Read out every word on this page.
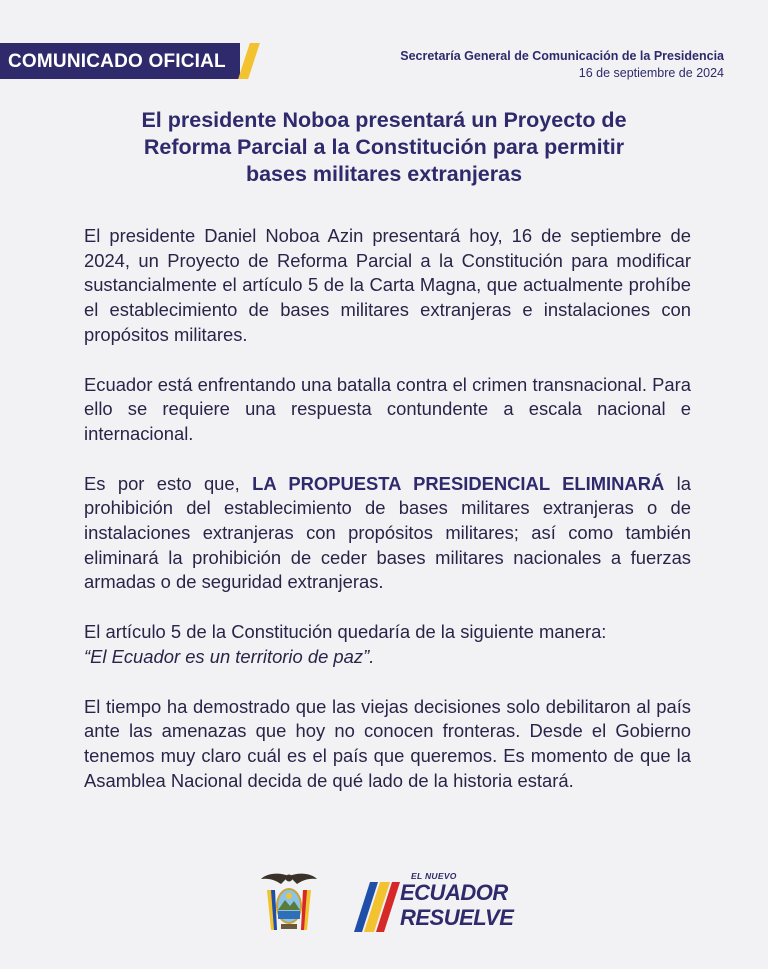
COMUNICADO OFICIAL	Secretaría General de Comunicación de la Presidencia
16 de septiembre de 2024
El presidente Noboa presentará un Proyecto de
Reforma Parcial a la Constitución para permitir
bases militares extranjeras

El presidente Daniel Noboa Azin presentará hoy, 16 de septiembre de 2024, un Proyecto de Reforma Parcial a la Constitución para modificar sustancialmente el artículo 5 de la Carta Magna, que actualmente prohíbe el establecimiento de bases militares extranjeras e instalaciones con propósitos militares.

Ecuador está enfrentando una batalla contra el crimen transnacional. Para ello se requiere una respuesta contundente a escala nacional e internacional.

Es por esto que, LA PROPUESTA PRESIDENCIAL ELIMINARÁ la prohibición del establecimiento de bases militares extranjeras o de instalaciones extranjeras con propósitos militares; así como también eliminará la prohibición de ceder bases militares nacionales a fuerzas armadas o de seguridad extranjeras.

El artículo 5 de la Constitución quedaría de la siguiente manera:
“El Ecuador es un territorio de paz”.

El tiempo ha demostrado que las viejas decisiones solo debilitaron al país ante las amenazas que hoy no conocen fronteras. Desde el Gobierno tenemos muy claro cuál es el país que queremos. Es momento de que la Asamblea Nacional decida de qué lado de la historia estará.

EL NUEVO
ECUADOR
RESUELVE
